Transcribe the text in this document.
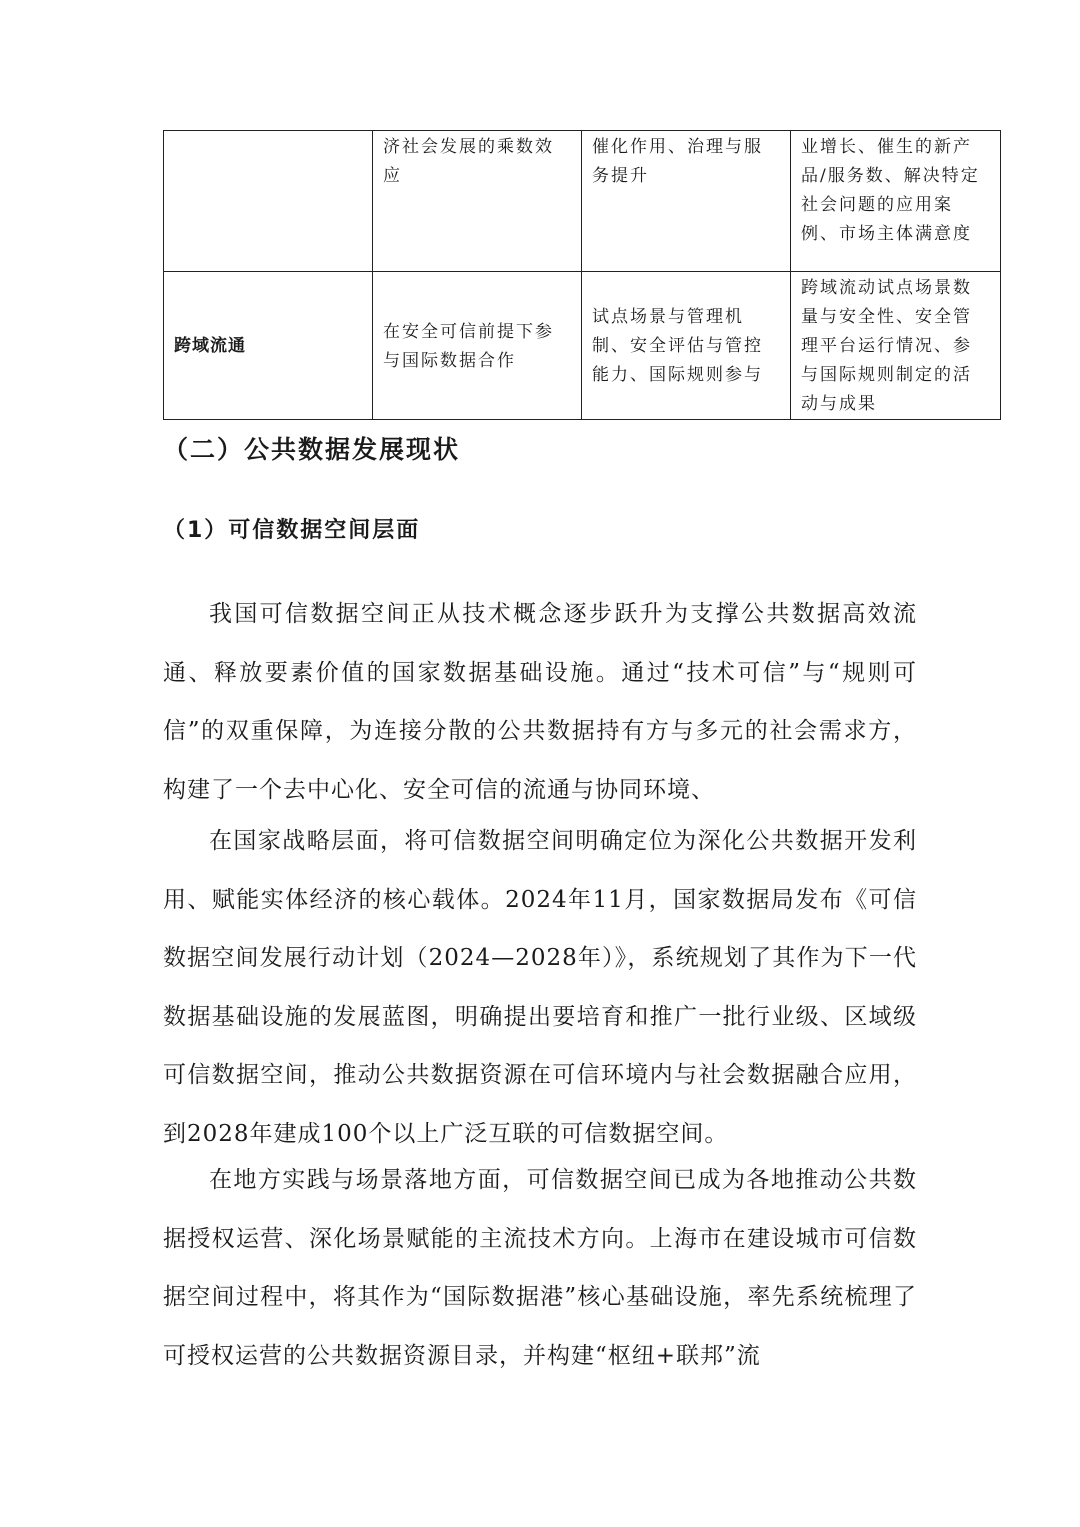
	济社会发展的乘数效应	催化作用、治理与服务提升	业增长、催生的新产品/服务数、解决特定社会问题的应用案例、市场主体满意度
跨域流通	在安全可信前提下参与国际数据合作	试点场景与管理机制、安全评估与管控能力、国际规则参与	跨域流动试点场景数量与安全性、安全管理平台运行情况、参与国际规则制定的活动与成果
（二）公共数据发展现状
（1）可信数据空间层面

我国可信数据空间正从技术概念逐步跃升为支撑公共数据高效流通、释放要素价值的国家数据基础设施。通过“技术可信”与“规则可信”的双重保障，为连接分散的公共数据持有方与多元的社会需求方，构建了一个去中心化、安全可信的流通与协同环境、

在国家战略层面，将可信数据空间明确定位为深化公共数据开发利用、赋能实体经济的核心载体。2024年11月，国家数据局发布《可信数据空间发展行动计划（2024—2028年）》，系统规划了其作为下一代数据基础设施的发展蓝图，明确提出要培育和推广一批行业级、区域级可信数据空间，推动公共数据资源在可信环境内与社会数据融合应用，到2028年建成100个以上广泛互联的可信数据空间。

在地方实践与场景落地方面，可信数据空间已成为各地推动公共数据授权运营、深化场景赋能的主流技术方向。上海市在建设城市可信数据空间过程中，将其作为“国际数据港”核心基础设施，率先系统梳理了可授权运营的公共数据资源目录，并构建“枢纽+联邦”流
